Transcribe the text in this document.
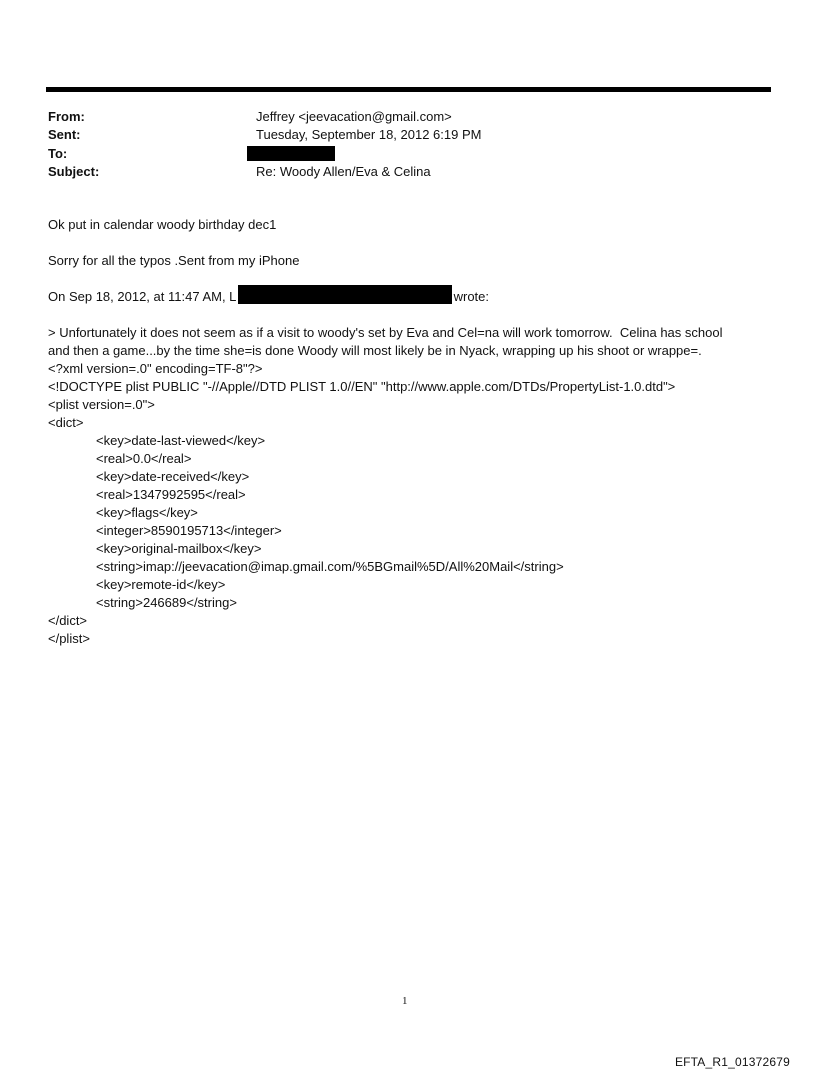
From:	Jeffrey <jeevacation@gmail.com>
Sent:	Tuesday, September 18, 2012 6:19 PM
To:
Subject:	Re: Woody Allen/Eva & Celina
Ok put in calendar woody birthday dec1
Sorry for all the typos .Sent from my iPhone
On Sep 18, 2012, at 11:47 AM, L	wrote:
> Unfortunately it does not seem as if a visit to woody's set by Eva and Cel=na will work tomorrow.  Celina has school
and then a game...by the time she=is done Woody will most likely be in Nyack, wrapping up his shoot or wrappe=.
<?xml version=.0" encoding=TF-8"?>
<!DOCTYPE plist PUBLIC "-//Apple//DTD PLIST 1.0//EN" "http://www.apple.com/DTDs/PropertyList-1.0.dtd">
<plist version=.0">
<dict>
<key>date-last-viewed</key>
<real>0.0</real>
<key>date-received</key>
<real>1347992595</real>
<key>flags</key>
<integer>8590195713</integer>
<key>original-mailbox</key>
<string>imap://jeevacation@imap.gmail.com/%5BGmail%5D/All%20Mail</string>
<key>remote-id</key>
<string>246689</string>
</dict>
</plist>
1
EFTA_R1_01372679
